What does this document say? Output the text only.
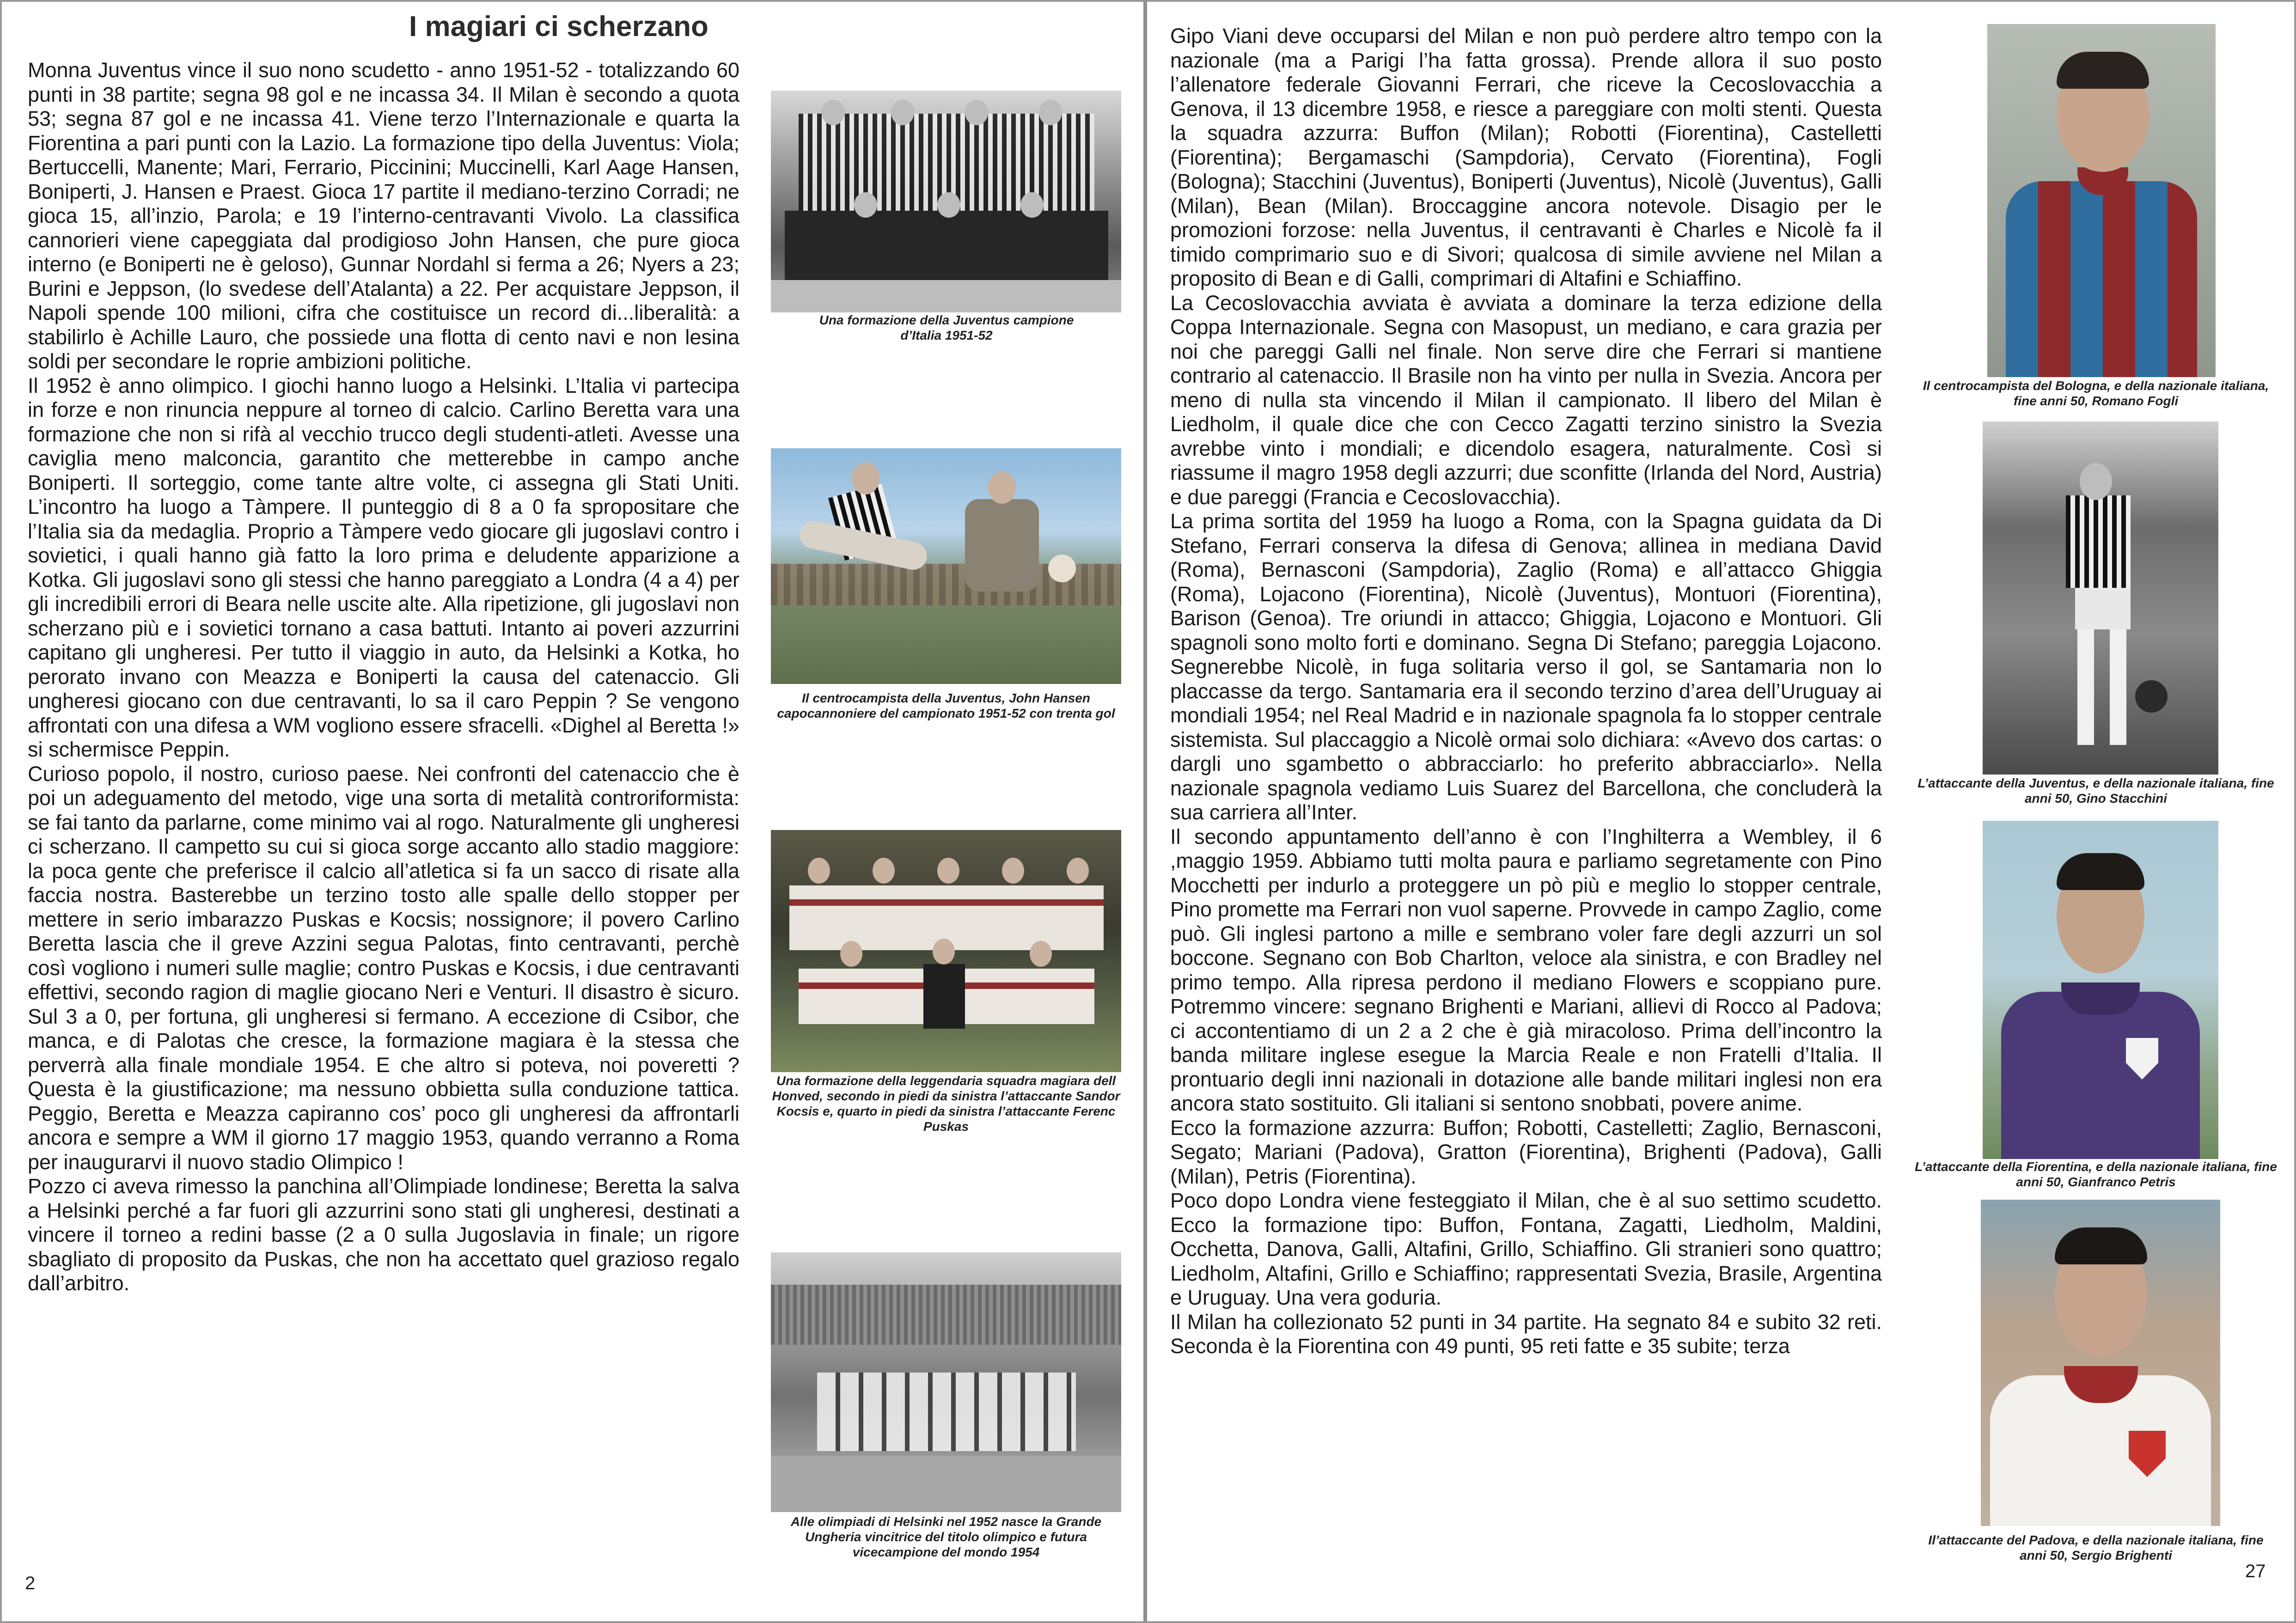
I magiari ci scherzano

Monna Juventus vince il suo nono scudetto - anno 1951-52 - totalizzando 60 punti in 38 partite; segna 98 gol e ne incassa 34. Il Milan è secondo a quota 53; segna 87 gol e ne incassa 41. Viene terzo l’Internazionale e quarta la Fiorentina a pari punti con la Lazio. La formazione tipo della Juventus: Viola; Bertuccelli, Manente; Mari, Ferrario, Piccinini; Muccinelli, Karl Aage Hansen, Boniperti, J. Hansen e Praest. Gioca 17 partite il mediano-terzino Corradi; ne gioca 15, all’inzio, Parola; e 19 l’interno-centravanti Vivolo. La classifica cannorieri viene capeggiata dal prodigioso John Hansen, che pure gioca interno (e Boniperti ne è geloso), Gunnar Nordahl si ferma a 26; Nyers a 23; Burini e Jeppson, (lo svedese dell’Atalanta) a 22. Per acquistare Jeppson, il Napoli spende 100 milioni, cifra che costituisce un record di...liberalità: a stabilirlo è Achille Lauro, che possiede una flotta di cento navi e non lesina soldi per secondare le roprie ambizioni politiche.

Il 1952 è anno olimpico. I giochi hanno luogo a Helsinki. L’Italia vi partecipa in forze e non rinuncia neppure al torneo di calcio. Carlino Beretta vara una formazione che non si rifà al vecchio trucco degli studenti-atleti. Avesse una caviglia meno malconcia, garantito che metterebbe in campo anche Boniperti. Il sorteggio, come tante altre volte, ci assegna gli Stati Uniti. L’incontro ha luogo a Tàmpere. Il punteggio di 8 a 0 fa spropositare che l’Italia sia da medaglia. Proprio a Tàmpere vedo giocare gli jugoslavi contro i sovietici, i quali hanno già fatto la loro prima e deludente apparizione a Kotka. Gli jugoslavi sono gli stessi che hanno pareggiato a Londra (4 a 4) per gli incredibili errori di Beara nelle uscite alte. Alla ripetizione, gli jugoslavi non scherzano più e i sovietici tornano a casa battuti. Intanto ai poveri azzurrini capitano gli ungheresi. Per tutto il viaggio in auto, da Helsinki a Kotka, ho perorato invano con Meazza e Boniperti la causa del catenaccio. Gli ungheresi giocano con due centravanti, lo sa il caro Peppin ? Se vengono affrontati con una difesa a WM vogliono essere sfracelli. «Dighel al Beretta !» si schermisce Peppin.

Curioso popolo, il nostro, curioso paese. Nei confronti del catenaccio che è poi un adeguamento del metodo, vige una sorta di metalità controriformista: se fai tanto da parlarne, come minimo vai al rogo. Naturalmente gli ungheresi ci scherzano. Il campetto su cui si gioca sorge accanto allo stadio maggiore: la poca gente che preferisce il calcio all’atletica si fa un sacco di risate alla faccia nostra. Basterebbe un terzino tosto alle spalle dello stopper per mettere in serio imbarazzo Puskas e Kocsis; nossignore; il povero Carlino Beretta lascia che il greve Azzini segua Palotas, finto centravanti, perchè così vogliono i numeri sulle maglie; contro Puskas e Kocsis, i due centravanti effettivi, secondo ragion di maglie giocano Neri e Venturi. Il disastro è sicuro. Sul 3 a 0, per fortuna, gli ungheresi si fermano. A eccezione di Csibor, che manca, e di Palotas che cresce, la formazione magiara è la stessa che perverrà alla finale mondiale 1954. E che altro si poteva, noi poveretti ? Questa è la giustificazione; ma nessuno obbietta sulla conduzione tattica. Peggio, Beretta e Meazza capiranno cos’ poco gli ungheresi da affrontarli ancora e sempre a WM il giorno 17 maggio 1953, quando verranno a Roma per inaugurarvi il nuovo stadio Olimpico !

Pozzo ci aveva rimesso la panchina all’Olimpiade londinese; Beretta la salva a Helsinki perché a far fuori gli azzurrini sono stati gli ungheresi, destinati a vincere il torneo a redini basse (2 a 0 sulla Jugoslavia in finale; un rigore sbagliato di proposito da Puskas, che non ha accettato quel grazioso regalo dall’arbitro.

Una formazione della Juventus campione d’Italia 1951-52
Il centrocampista della Juventus, John Hansen capocannoniere del campionato 1951-52 con trenta gol
Una formazione della leggendaria squadra magiara dell Honved, secondo in piedi da sinistra l’attaccante Sandor Kocsis e, quarto in piedi da sinistra l’attaccante Ferenc Puskas
Alle olimpiadi di Helsinki nel 1952 nasce la Grande Ungheria vincitrice del titolo olimpico e futura vicecampione del mondo 1954
2

Gipo Viani deve occuparsi del Milan e non può perdere altro tempo con la nazionale (ma a Parigi l’ha fatta grossa). Prende allora il suo posto l’allenatore federale Giovanni Ferrari, che riceve la Cecoslovacchia a Genova, il 13 dicembre 1958, e riesce a pareggiare con molti stenti. Questa la squadra azzurra: Buffon (Milan); Robotti (Fiorentina), Castelletti (Fiorentina); Bergamaschi (Sampdoria), Cervato (Fiorentina), Fogli (Bologna); Stacchini (Juventus), Boniperti (Juventus), Nicolè (Juventus), Galli (Milan), Bean (Milan). Broccaggine ancora notevole. Disagio per le promozioni forzose: nella Juventus, il centravanti è Charles e Nicolè fa il timido comprimario suo e di Sivori; qualcosa di simile avviene nel Milan a proposito di Bean e di Galli, comprimari di Altafini e Schiaffino.

La Cecoslovacchia avviata è avviata a dominare la terza edizione della Coppa Internazionale. Segna con Masopust, un mediano, e cara grazia per noi che pareggi Galli nel finale. Non serve dire che Ferrari si mantiene contrario al catenaccio. Il Brasile non ha vinto per nulla in Svezia. Ancora per meno di nulla sta vincendo il Milan il campionato. Il libero del Milan è Liedholm, il quale dice che con Cecco Zagatti terzino sinistro la Svezia avrebbe vinto i mondiali; e dicendolo esagera, naturalmente. Così si riassume il magro 1958 degli azzurri; due sconfitte (Irlanda del Nord, Austria) e due pareggi (Francia e Cecoslovacchia).

La prima sortita del 1959 ha luogo a Roma, con la Spagna guidata da Di Stefano, Ferrari conserva la difesa di Genova; allinea in mediana David (Roma), Bernasconi (Sampdoria), Zaglio (Roma) e all’attacco Ghiggia (Roma), Lojacono (Fiorentina), Nicolè (Juventus), Montuori (Fiorentina), Barison (Genoa). Tre oriundi in attacco; Ghiggia, Lojacono e Montuori. Gli spagnoli sono molto forti e dominano. Segna Di Stefano; pareggia Lojacono. Segnerebbe Nicolè, in fuga solitaria verso il gol, se Santamaria non lo placcasse da tergo. Santamaria era il secondo terzino d’area dell’Uruguay ai mondiali 1954; nel Real Madrid e in nazionale spagnola fa lo stopper centrale sistemista. Sul placcaggio a Nicolè ormai solo dichiara: «Avevo dos cartas: o dargli uno sgambetto o abbracciarlo: ho preferito abbracciarlo». Nella nazionale spagnola vediamo Luis Suarez del Barcellona, che concluderà la sua carriera all’Inter.

Il secondo appuntamento dell’anno è con l’Inghilterra a Wembley, il 6 ,maggio 1959. Abbiamo tutti molta paura e parliamo segretamente con Pino Mocchetti per indurlo a proteggere un pò più e meglio lo stopper centrale, Pino promette ma Ferrari non vuol saperne. Provvede in campo Zaglio, come può. Gli inglesi partono a mille e sembrano voler fare degli azzurri un sol boccone. Segnano con Bob Charlton, veloce ala sinistra, e con Bradley nel primo tempo. Alla ripresa perdono il mediano Flowers e scoppiano pure. Potremmo vincere: segnano Brighenti e Mariani, allievi di Rocco al Padova; ci accontentiamo di un 2 a 2 che è già miracoloso. Prima dell’incontro la banda militare inglese esegue la Marcia Reale e non Fratelli d’Italia. Il prontuario degli inni nazionali in dotazione alle bande militari inglesi non era ancora stato sostituito. Gli italiani si sentono snobbati, povere anime.

Ecco la formazione azzurra: Buffon; Robotti, Castelletti; Zaglio, Bernasconi, Segato; Mariani (Padova), Gratton (Fiorentina), Brighenti (Padova), Galli (Milan), Petris (Fiorentina).

Poco dopo Londra viene festeggiato il Milan, che è al suo settimo scudetto. Ecco la formazione tipo: Buffon, Fontana, Zagatti, Liedholm, Maldini, Occhetta, Danova, Galli, Altafini, Grillo, Schiaffino. Gli stranieri sono quattro; Liedholm, Altafini, Grillo e Schiaffino; rappresentati Svezia, Brasile, Argentina e Uruguay. Una vera goduria.

Il Milan ha collezionato 52 punti in 34 partite. Ha segnato 84 e subito 32 reti. Seconda è la Fiorentina con 49 punti, 95 reti fatte e 35 subite; terza

Il centrocampista del Bologna, e della nazionale italiana, fine anni 50, Romano Fogli
L’attaccante della Juventus, e della nazionale italiana, fine anni 50, Gino Stacchini
L’attaccante della Fiorentina, e della nazionale italiana, fine anni 50, Gianfranco Petris
Il’attaccante del Padova, e della nazionale italiana, fine anni 50, Sergio Brighenti
27
